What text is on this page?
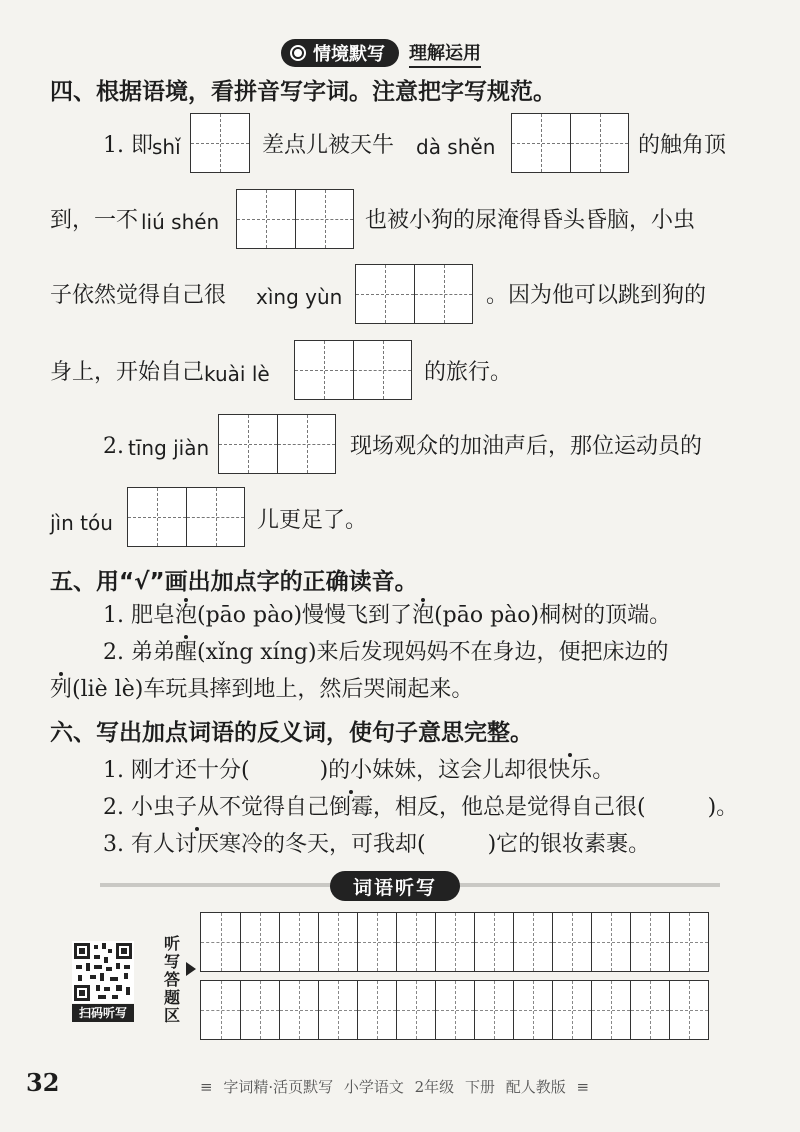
情境默写 理解运用
四、根据语境，看拼音写字词。注意把字写规范。
1. 即 shǐ	差点儿被天牛 dà shěn	的触角顶
到，一不 liú shén	也被小狗的尿淹得昏头昏脑，小虫
子依然觉得自己很 xìng yùn	。因为他可以跳到狗的
身上，开始自己 kuài lè	的旅行。
2. tīng jiàn	现场观众的加油声后，那位运动员的
jìn tóu	儿更足了。
五、用“√”画出加点字的正确读音。
1. 肥皂泡(pāo pào)慢慢飞到了泡(pāo pào)桐树的顶端。
2. 弟弟醒(xǐng xíng)来后发现妈妈不在身边，便把床边的
列(liè lè)车玩具摔到地上，然后哭闹起来。
六、写出加点词语的反义词，使句子意思完整。
1. 刚才还十分(	)的小妹妹，这会儿却很快乐。
2. 小虫子从不觉得自己倒霉，相反，他总是觉得自己很(	)。
3. 有人讨厌寒冷的冬天，可我却(	)它的银妆素裹。
词语听写
扫码听写
听写答题区
32	≡ 字词精·活页默写 小学语文 2年级 下册 配人教版 ≡
